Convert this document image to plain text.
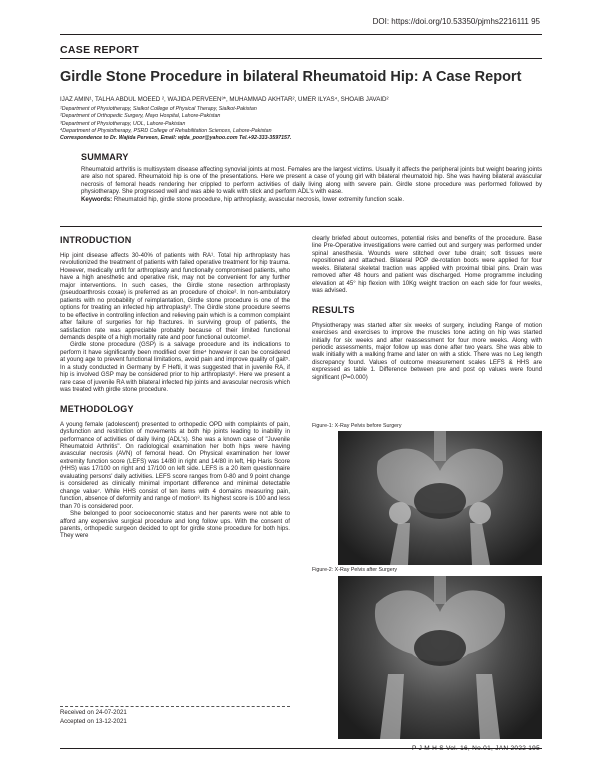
DOI: https://doi.org/10.53350/pjmhs2216111 95
CASE REPORT
Girdle Stone Procedure in bilateral Rheumatoid Hip: A Case Report
IJAZ AMIN¹, TALHA ABDUL MOEED ², WAJIDA PERVEEN³*, MUHAMMAD AKHTAR², UMER ILYAS⁴, SHOAIB JAVAID²
¹Department of Physiotherapy, Sialkot College of Physical Therapy, Sialkot-Pakistan
²Department of Orthopedic Surgery, Mayo Hospital, Lahore-Pakistan
³Department of Physiotherapy, UOL, Lahore-Pakistan
⁴Department of Physiotherapy, PSRD College of Rehabilitation Sciences, Lahore-Pakistan
Correspondence to Dr. Wajida Perveen, Email: wjda_poor@yahoo.com Tel.+92-333-3597157.
SUMMARY

Rheumatoid arthritis is multisystem disease affecting synovial joints at most. Females are the largest victims. Usually it affects the peripheral joints but weight bearing joints are also not spared. Rheumatoid hip is one of the presentations. Here we present a case of young girl with bilateral rheumatoid hip. She was having bilateral avascular necrosis of femoral heads rendering her crippled to perform activities of daily living along with severe pain. Girdle stone procedure was performed followed by physiotherapy. She progressed well and was able to walk with stick and perform ADL's with ease.

Keywords: Rheumatoid hip, girdle stone procedure, hip arthroplasty, avascular necrosis, lower extremity function scale.

INTRODUCTION

Hip joint disease affects 30-40% of patients with RA¹. Total hip arthroplasty has revolutionized the treatment of patients with failed operative treatment for hip trauma. However, medically unfit for arthroplasty and functionally compromised patients, who have a high anesthetic and operative risk, may not be convenient for any further major interventions. In such cases, the Girdle stone resection arthroplasty (pseudoarthrosis coxae) is preferred as an procedure of choice². In non-ambulatory patients with no probability of reimplantation, Girdle stone procedure is one of the options for treating an infected hip arthroplasty³. The Girdle stone procedure seems to be effective in controlling infection and relieving pain which is a common complaint after failure of surgeries for hip fractures. In surviving group of patients, the satisfaction rate was appreciable probably because of their limited functional demands despite of a high mortality rate and poor functional outcome².

Girdle stone procedure (GSP) is a salvage procedure and its indications to perform it have significantly been modified over time⁴ however it can be considered at young age to prevent functional limitations, avoid pain and improve quality of gait⁵. In a study conducted in Germany by F Hefti, it was suggested that in juvenile RA, if hip is involved GSP may be considered prior to hip arthroplasty⁶. Here we present a rare case of juvenile RA with bilateral infected hip joints and avascular necrosis which was treated with girdle stone procedure.

METHODOLOGY

A young female (adolescent) presented to orthopedic OPD with complaints of pain, dysfunction and restriction of movements at both hip joints leading to inability in performance of activities of daily living (ADL's). She was a known case of "Juvenile Rheumatoid Arthritis". On radiological examination her both hips were having avascular necrosis (AVN) of femoral head. On Physical examination her lower extremity function score (LEFS) was 14/80 in right and 14/80 in left, Hip Haris Score (HHS) was 17/100 on right and 17/100 on left side. LEFS is a 20 item questionnaire evaluating persons' daily activities. LEFS score ranges from 0-80 and 9 point change is considered as clinically minimal important difference and minimal detectable change value⁷. While HHS consist of ten items with 4 domains measuring pain, function, absence of deformity and range of motion⁸. Its highest score is 100 and less than 70 is considered poor.

She belonged to poor socioeconomic status and her parents were not able to afford any expensive surgical procedure and long follow ups. With the consent of parents, orthopedic surgeon decided to opt for girdle stone procedure for both hips. They were

Received on 24-07-2021
Accepted on 13-12-2021

clearly briefed about outcomes, potential risks and benefits of the procedure. Base line Pre-Operative investigations were carried out and surgery was performed under spinal anesthesia. Wounds were stitched over tube drain; soft tissues were repositioned and attached. Bilateral POP de-rotation boots were applied for four weeks. Bilateral skeletal traction was applied with proximal tibial pins. Drain was removed after 48 hours and patient was discharged. Home programme including elevation at 45° hip flexion with 10Kg weight traction on each side for four weeks, was advised.

RESULTS

Physiotherapy was started after six weeks of surgery, including Range of motion exercises and exercises to improve the muscles tone acting on hip was started initially for six weeks and after reassessment for four more weeks. Along with periodic assessments, major follow up was done after two years. She was able to walk initially with a walking frame and later on with a stick. There was no Leg length discrepancy found. Values of outcome measurement scales LEFS & HHS are expressed as table 1. Difference between pre and post op values were found significant (P=0.000)

Figure-1: X-Ray Pelvis before Surgery
Figure-2: X-Ray Pelvis after Surgery
P J M H S Vol. 16, No.01, JAN 2022 195
